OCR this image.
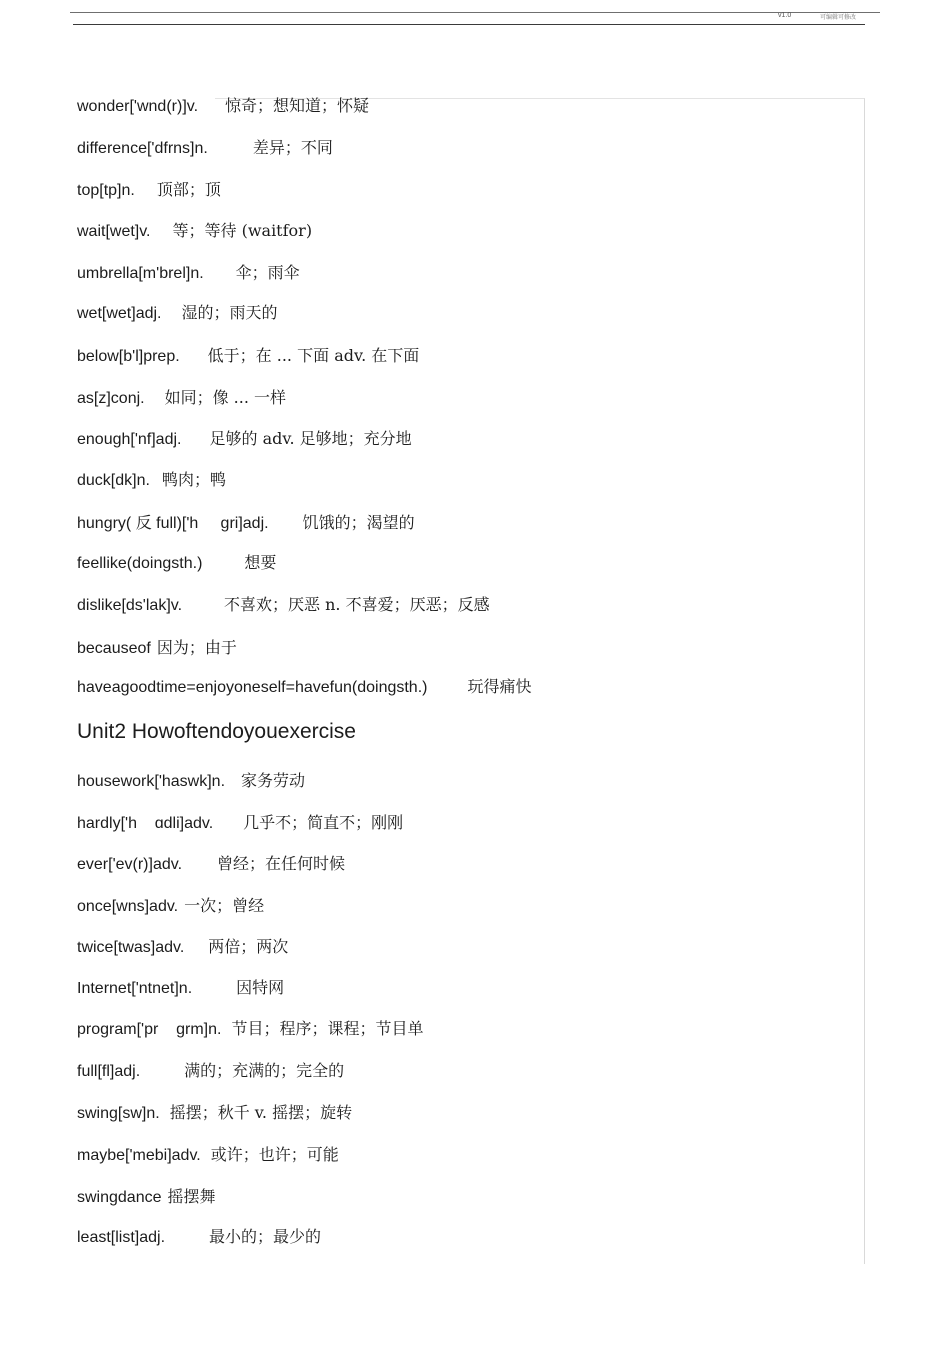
v1.0	可编辑可修改
wonder['wnd(r)]v. 惊奇；想知道；怀疑
difference['dfrns]n.	差异；不同
top[tp]n. 顶部；顶
wait[wet]v. 等；等待 (waitfor)
umbrella[m'brel]n. 伞；雨伞
wet[wet]adj. 湿的；雨天的
below[b'l]prep. 低于；在 ... 下面 adv. 在下面
as[z]conj. 如同；像 ... 一样
enough['nf]adj. 足够的 adv. 足够地；充分地
duck[dk]n. 鸭肉；鸭
hungry( 反 full)['h     gri]adj. 饥饿的；渴望的
feellike(doingsth.)	想要
dislike[ds'lak]v.	不喜欢；厌恶 n. 不喜爱；厌恶；反感
becauseof 因为；由于
haveagoodtime=enjoyoneself=havefun(doingsth.)	玩得痛快
Unit2 Howoftendoyouexercise
housework['haswk]n. 家务劳动
hardly['h    ɑdli]adv. 几乎不；简直不；刚刚
ever['ev(r)]adv. 曾经；在任何时候
once[wns]adv. 一次；曾经
twice[twas]adv. 两倍；两次
Internet['ntnet]n.	因特网
program['pr    grm]n. 节目；程序；课程；节目单
full[fl]adj.	满的；充满的；完全的
swing[sw]n. 摇摆；秋千 v. 摇摆；旋转
maybe['mebi]adv. 或许；也许；可能
swingdance 摇摆舞
least[list]adj.	最小的；最少的
